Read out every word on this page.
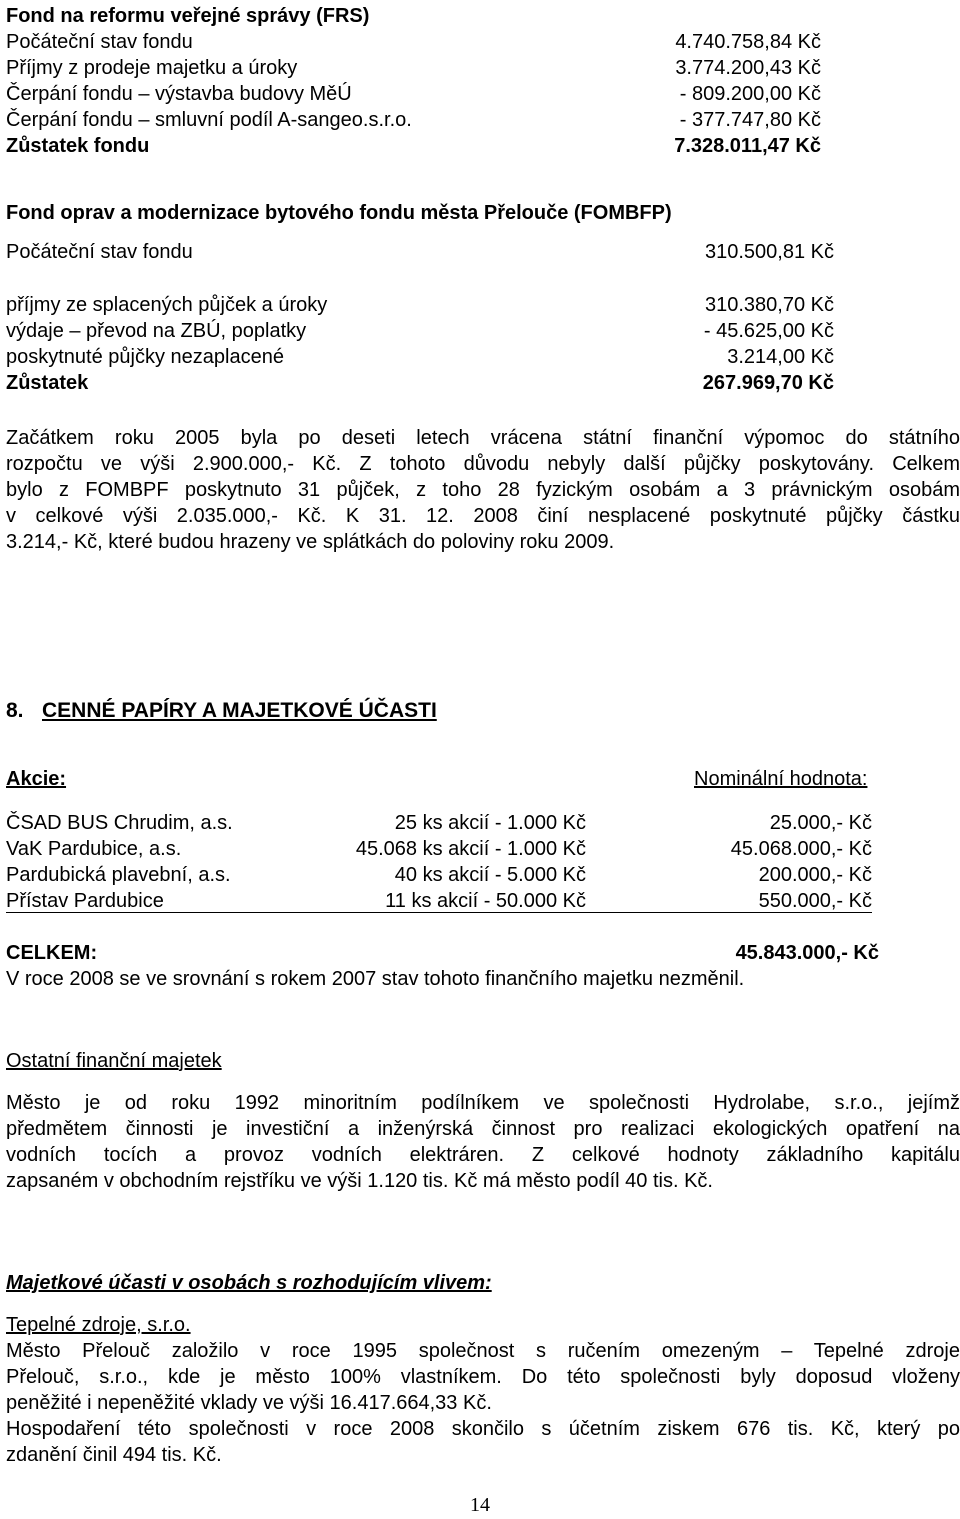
Fond na reformu veřejné správy (FRS)
Počáteční stav fondu	4.740.758,84 Kč
Příjmy z prodeje majetku a úroky	3.774.200,43 Kč
Čerpání fondu – výstavba budovy MěÚ	- 809.200,00 Kč
Čerpání fondu – smluvní podíl A-sangeo.s.r.o.	- 377.747,80 Kč
Zůstatek fondu	7.328.011,47 Kč
Fond oprav a modernizace bytového fondu města Přelouče (FOMBFP)
Počáteční stav fondu	310.500,81 Kč
příjmy ze splacených půjček a úroky	310.380,70 Kč
výdaje – převod na ZBÚ, poplatky	- 45.625,00 Kč
poskytnuté půjčky nezaplacené	3.214,00 Kč
Zůstatek	267.969,70 Kč
Začátkem roku 2005 byla po deseti letech vrácena státní finanční výpomoc do státního
rozpočtu ve výši 2.900.000,- Kč. Z tohoto důvodu nebyly další půjčky poskytovány. Celkem
bylo z FOMBPF poskytnuto 31 půjček, z toho 28 fyzickým osobám a 3 právnickým osobám
v celkové výši 2.035.000,- Kč. K 31. 12. 2008 činí nesplacené poskytnuté půjčky částku
3.214,- Kč, které budou hrazeny ve splátkách do poloviny roku 2009.
8. CENNÉ PAPÍRY A MAJETKOVÉ ÚČASTI
Akcie:	Nominální hodnota:
ČSAD BUS Chrudim, a.s.	25 ks akcií - 1.000 Kč	25.000,- Kč
VaK Pardubice, a.s.	45.068 ks akcií - 1.000 Kč	45.068.000,- Kč
Pardubická plavební, a.s.	40 ks akcií - 5.000 Kč	200.000,- Kč
Přístav Pardubice	11 ks akcií - 50.000 Kč	550.000,- Kč
CELKEM:	45.843.000,- Kč
V roce 2008 se ve srovnání s rokem 2007 stav tohoto finančního majetku nezměnil.
Ostatní finanční majetek
Město je od roku 1992 minoritním podílníkem ve společnosti Hydrolabe, s.r.o., jejímž
předmětem činnosti je investiční a inženýrská činnost pro realizaci ekologických opatření na
vodních tocích a provoz vodních elektráren. Z celkové hodnoty základního kapitálu
zapsaném v obchodním rejstříku ve výši 1.120 tis. Kč má město podíl 40 tis. Kč.
Majetkové účasti v osobách s rozhodujícím vlivem:
Tepelné zdroje, s.r.o.
Město Přelouč založilo v roce 1995 společnost s ručením omezeným – Tepelné zdroje
Přelouč, s.r.o., kde je město 100% vlastníkem. Do této společnosti byly doposud vloženy
peněžité i nepeněžité vklady ve výši 16.417.664,33 Kč.
Hospodaření této společnosti v roce 2008 skončilo s účetním ziskem 676 tis. Kč, který po
zdanění činil 494 tis. Kč.
14
